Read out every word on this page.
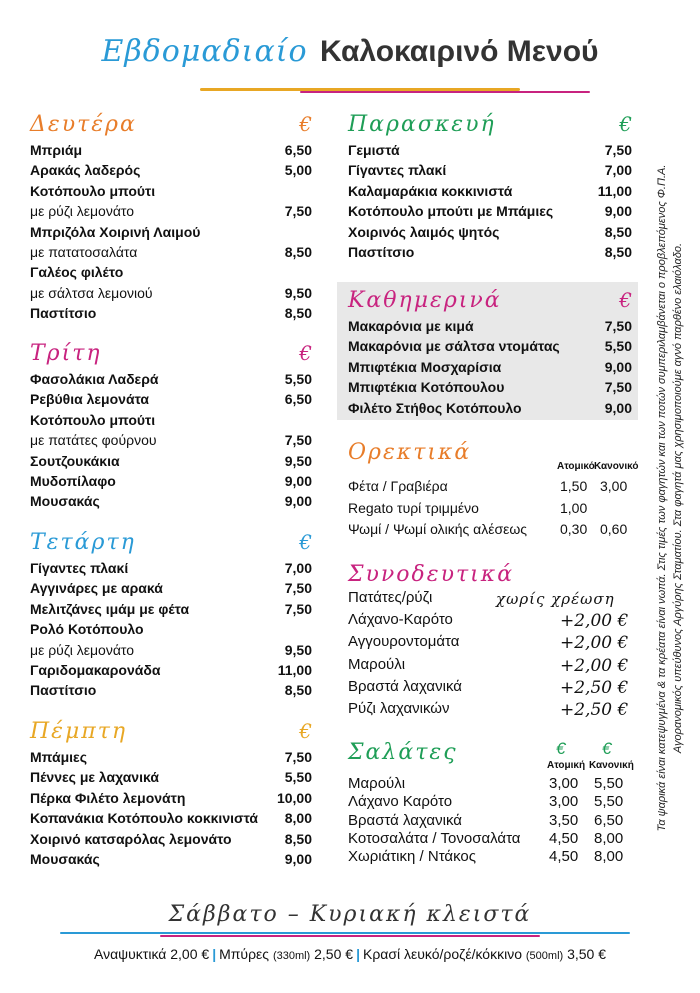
Εβδομαδιαίο Καλοκαιρινό Μενού
Δευτέρα	€
Μπριάμ	6,50
Αρακάς λαδερός	5,00
Κοτόπουλο μπούτι
με ρύζι λεμονάτο	7,50
Μπριζόλα Χοιρινή Λαιμού
με πατατοσαλάτα	8,50
Γαλέος φιλέτο
με σάλτσα λεμονιού	9,50
Παστίτσιο	8,50
Τρίτη	€
Φασολάκια Λαδερά	5,50
Ρεβύθια λεμονάτα	6,50
Κοτόπουλο μπούτι
με πατάτες φούρνου	7,50
Σουτζουκάκια	9,50
Μυδοπίλαφο	9,00
Μουσακάς	9,00
Τετάρτη	€
Γίγαντες πλακί	7,00
Αγγινάρες με αρακά	7,50
Μελιτζάνες ιμάμ με φέτα	7,50
Ρολό Κοτόπουλο
με ρύζι λεμονάτο	9,50
Γαριδομακαρονάδα	11,00
Παστίτσιο	8,50
Πέμπτη	€
Μπάμιες	7,50
Πέννες με λαχανικά	5,50
Πέρκα Φιλέτο λεμονάτη	10,00
Κοπανάκια Κοτόπουλο κοκκινιστά	8,00
Χοιρινό κατσαρόλας λεμονάτο	8,50
Μουσακάς	9,00
Παρασκευή	€
Γεμιστά	7,50
Γίγαντες πλακί	7,00
Καλαμαράκια κοκκινιστά	11,00
Κοτόπουλο μπούτι με Μπάμιες	9,00
Χοιρινός λαιμός ψητός	8,50
Παστίτσιο	8,50
Καθημερινά	€
Μακαρόνια με κιμά	7,50
Μακαρόνια με σάλτσα ντομάτας	5,50
Μπιφτέκια Μοσχαρίσια	9,00
Μπιφτέκια Κοτόπουλου	7,50
Φιλέτο Στήθος Κοτόπουλο	9,00
Ορεκτικά
Ατομικό Κανονικό
Φέτα / Γραβιέρα	1,50 3,00
Regato τυρί τριμμένο	1,00
Ψωμί / Ψωμί ολικής αλέσεως 0,30 0,60
Συνοδευτικά
χωρίς χρέωση
Πατάτες/ρύζι
Λάχανο-Καρότο	+2,00 €
Αγγουροντομάτα	+2,00 €
Μαρούλι	+2,00 €
Βραστά λαχανικά	+2,50 €
Ρύζι λαχανικών	+2,50 €
Σαλάτες	€ €
Ατομική Κανονική
Μαρούλι	3,00 5,50
Λάχανο Καρότο	3,00 5,50
Βραστά λαχανικά	3,50 6,50
Κοτοσαλάτα / Τονοσαλάτα 4,50 8,00
Χωριάτικη / Ντάκος	4,50 8,00
Τα ψαρικά είναι κατεψυγμένα & τα κρέατα είναι νωπά. Στις τιμές των φαγητών και των ποτών συμπεριλαμβάνεται ο προβλεπόμενος Φ.Π.Α. Αγορανομικός υπεύθυνος Αργύρης Σταματίου. Στα φαγητά μας χρησιμοποιούμε αγνό παρθένο ελαιόλαδο.
Σάββατο – Κυριακή κλειστά
Αναψυκτικά 2,00 € | Μπύρες (330ml) 2,50 € | Κρασί λευκό/ροζέ/κόκκινο (500ml) 3,50 €
